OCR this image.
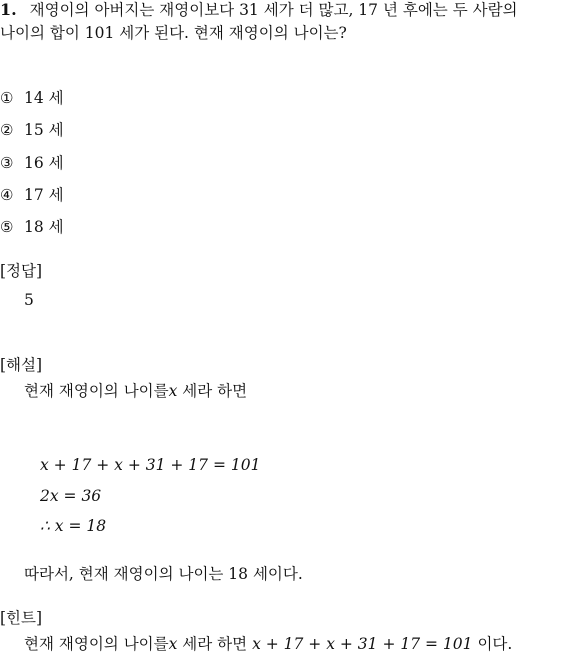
1. 재영이의 아버지는 재영이보다 31 세가 더 많고, 17 년 후에는 두 사람의
나이의 합이 101 세가 된다. 현재 재영이의 나이는?
① 14 세
② 15 세
③ 16 세
④ 17 세
⑤ 18 세
[정답]
5
[해설]
현재 재영이의 나이를x 세라 하면
x + 17 + x + 31 + 17 = 101
2x = 36
∴ x = 18
따라서, 현재 재영이의 나이는 18 세이다.
[힌트]
현재 재영이의 나이를x 세라 하면 x + 17 + x + 31 + 17 = 101 이다.
